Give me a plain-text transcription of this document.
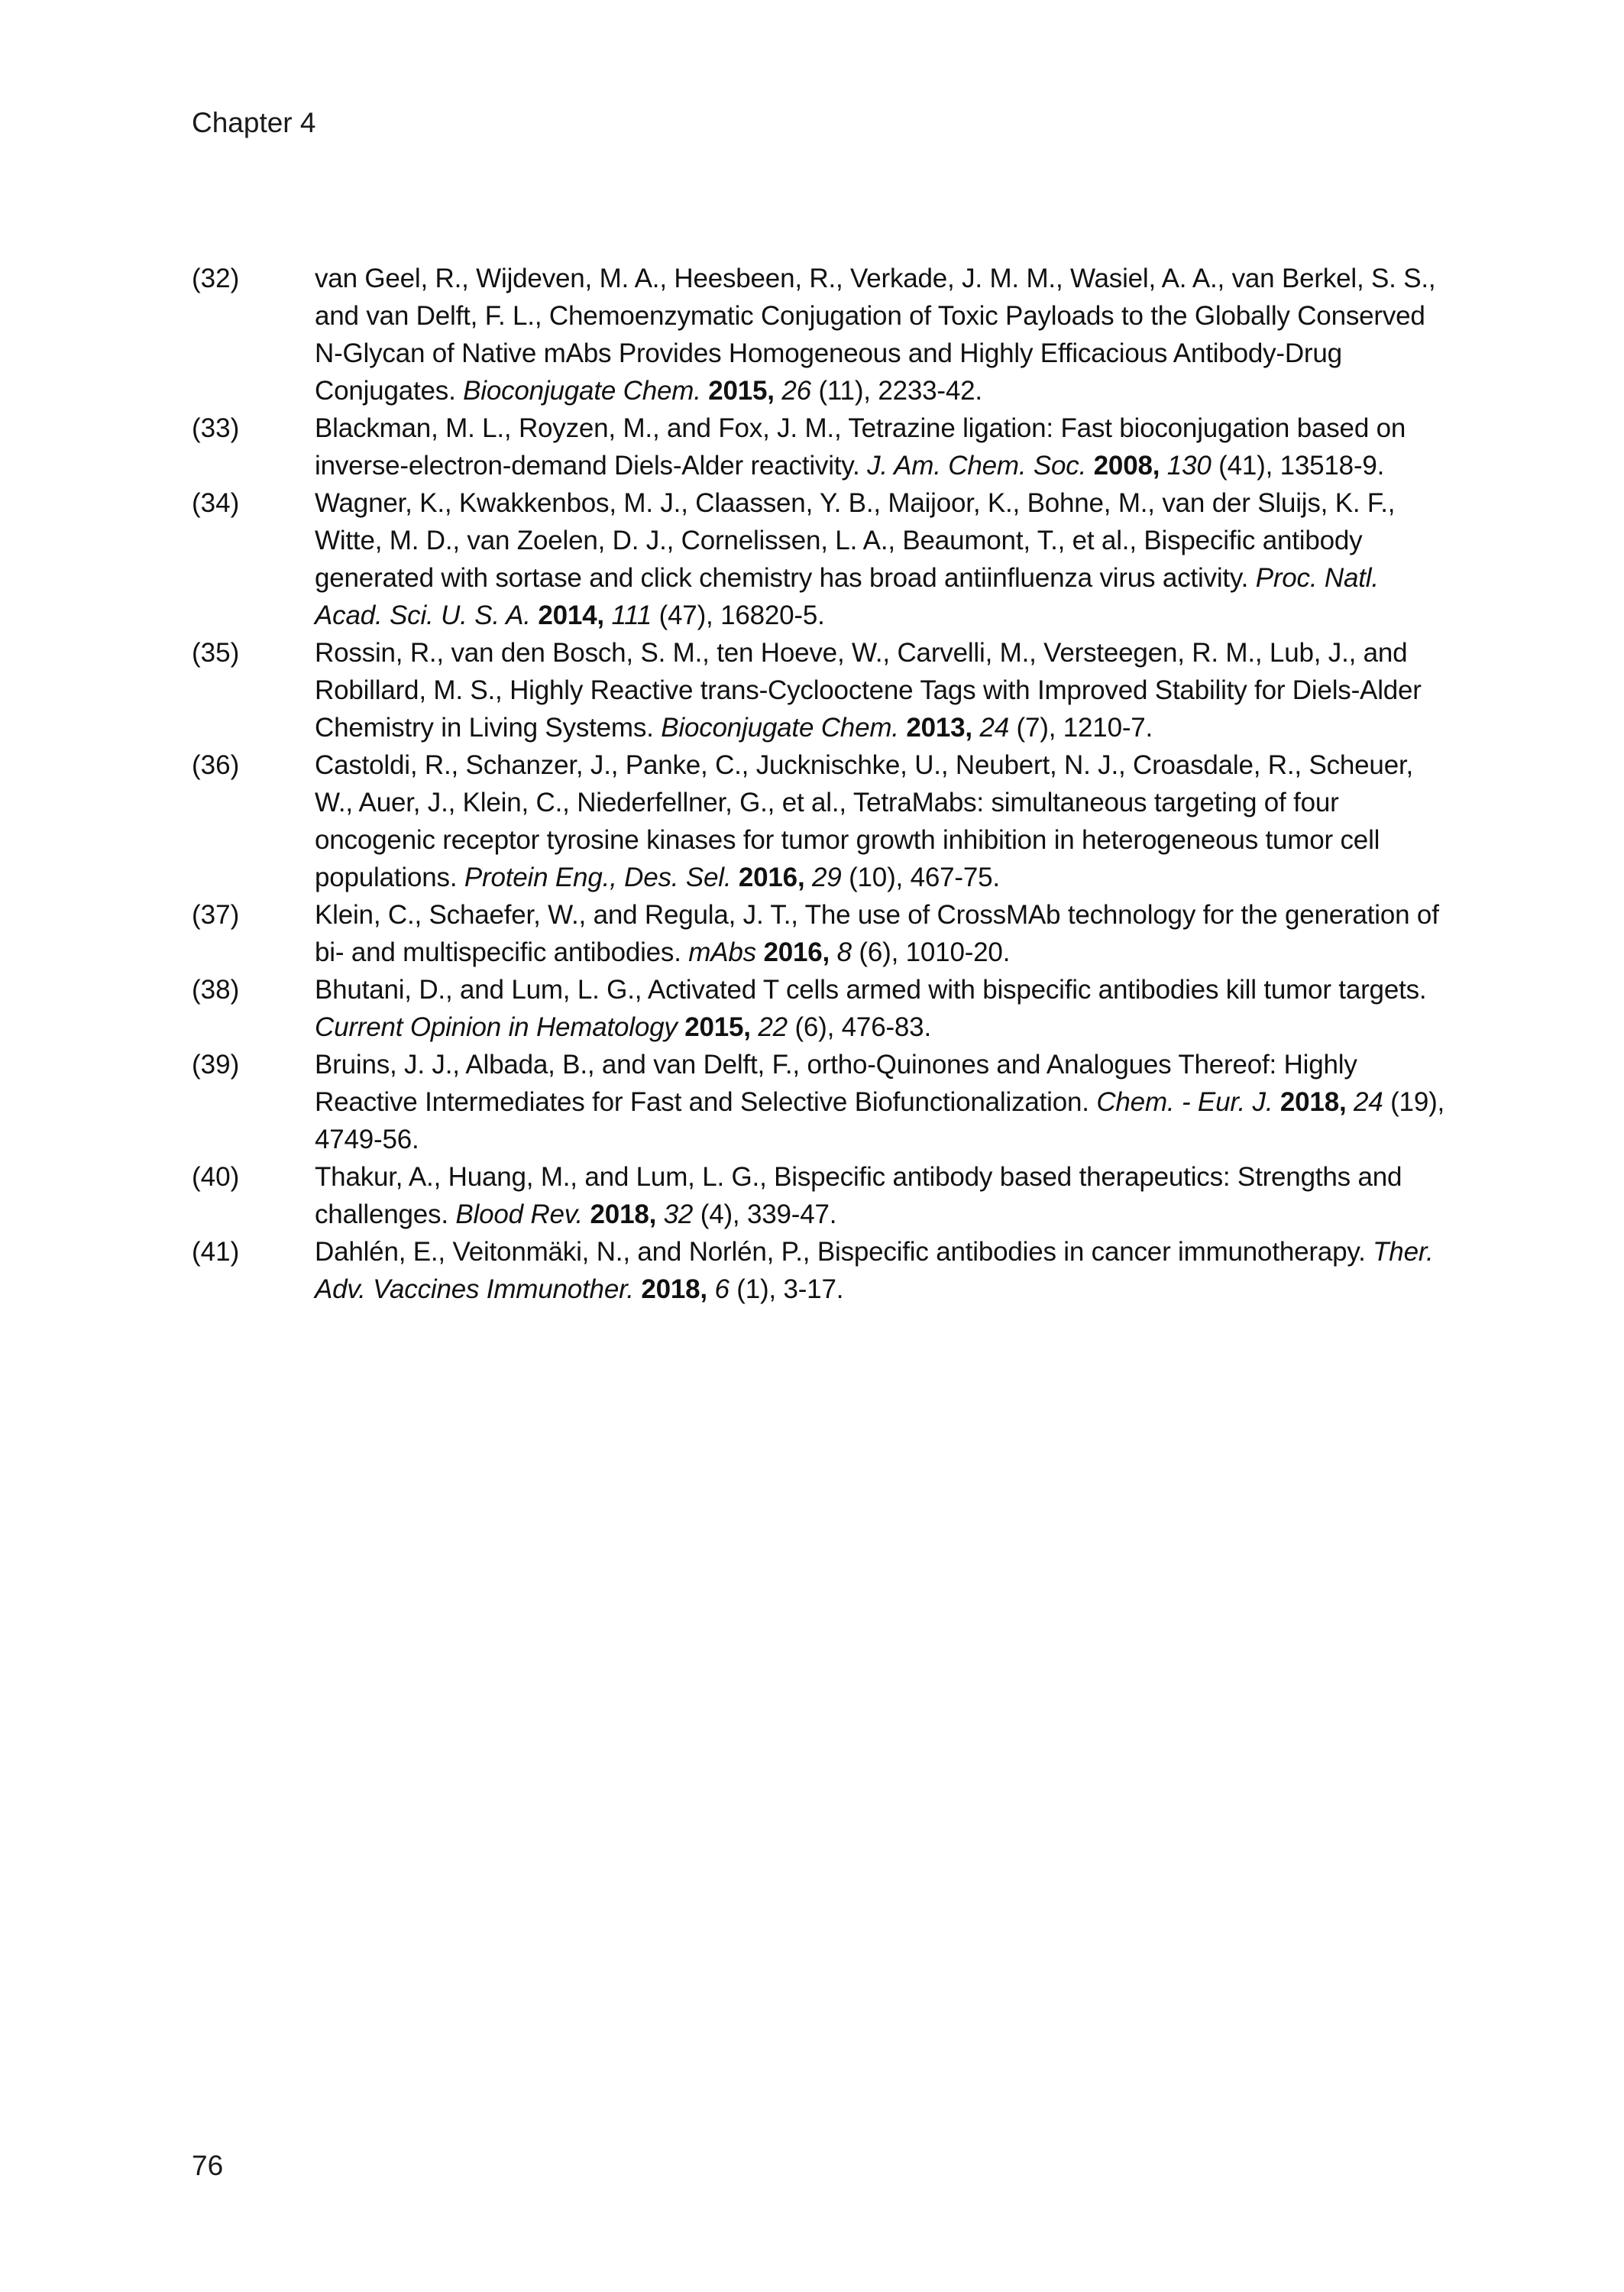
Chapter 4
(32)	van Geel, R., Wijdeven, M. A., Heesbeen, R., Verkade, J. M. M., Wasiel, A. A., van Berkel, S. S., and van Delft, F. L., Chemoenzymatic Conjugation of Toxic Payloads to the Globally Conserved N-Glycan of Native mAbs Provides Homogeneous and Highly Efficacious Antibody-Drug Conjugates. Bioconjugate Chem. 2015, 26 (11), 2233-42.
(33)	Blackman, M. L., Royzen, M., and Fox, J. M., Tetrazine ligation: Fast bioconjugation based on inverse-electron-demand Diels-Alder reactivity. J. Am. Chem. Soc. 2008, 130 (41), 13518-9.
(34)	Wagner, K., Kwakkenbos, M. J., Claassen, Y. B., Maijoor, K., Bohne, M., van der Sluijs, K. F., Witte, M. D., van Zoelen, D. J., Cornelissen, L. A., Beaumont, T., et al., Bispecific antibody generated with sortase and click chemistry has broad antiinfluenza virus activity. Proc. Natl. Acad. Sci. U. S. A. 2014, 111 (47), 16820-5.
(35)	Rossin, R., van den Bosch, S. M., ten Hoeve, W., Carvelli, M., Versteegen, R. M., Lub, J., and Robillard, M. S., Highly Reactive trans-Cyclooctene Tags with Improved Stability for Diels-Alder Chemistry in Living Systems. Bioconjugate Chem. 2013, 24 (7), 1210-7.
(36)	Castoldi, R., Schanzer, J., Panke, C., Jucknischke, U., Neubert, N. J., Croasdale, R., Scheuer, W., Auer, J., Klein, C., Niederfellner, G., et al., TetraMabs: simultaneous targeting of four oncogenic receptor tyrosine kinases for tumor growth inhibition in heterogeneous tumor cell populations. Protein Eng., Des. Sel. 2016, 29 (10), 467-75.
(37)	Klein, C., Schaefer, W., and Regula, J. T., The use of CrossMAb technology for the generation of bi- and multispecific antibodies. mAbs 2016, 8 (6), 1010-20.
(38)	Bhutani, D., and Lum, L. G., Activated T cells armed with bispecific antibodies kill tumor targets. Current Opinion in Hematology 2015, 22 (6), 476-83.
(39)	Bruins, J. J., Albada, B., and van Delft, F., ortho-Quinones and Analogues Thereof: Highly Reactive Intermediates for Fast and Selective Biofunctionalization. Chem. - Eur. J. 2018, 24 (19), 4749-56.
(40)	Thakur, A., Huang, M., and Lum, L. G., Bispecific antibody based therapeutics: Strengths and challenges. Blood Rev. 2018, 32 (4), 339-47.
(41)	Dahlén, E., Veitonmäki, N., and Norlén, P., Bispecific antibodies in cancer immunotherapy. Ther. Adv. Vaccines Immunother. 2018, 6 (1), 3-17.
76
